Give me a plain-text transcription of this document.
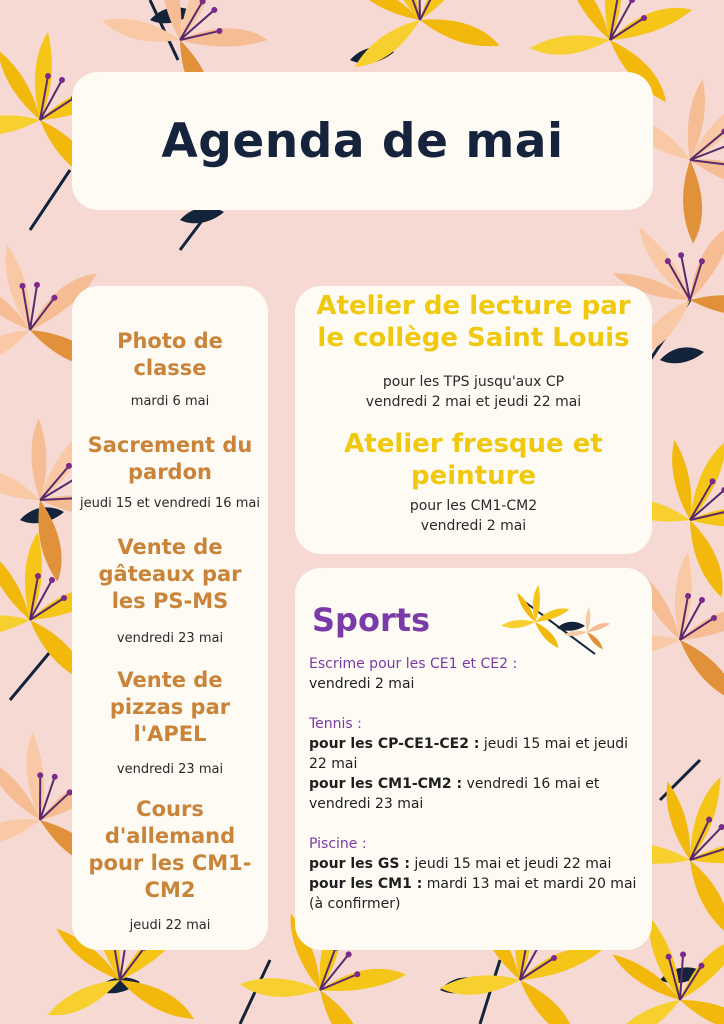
Agenda de mai

Photo de classe

mardi 6 mai

Sacrement du pardon

jeudi 15 et vendredi 16 mai

Vente de gâteaux par les PS-MS

vendredi 23 mai

Vente de pizzas par l'APEL

vendredi 23 mai

Cours d'allemand pour les CM1-CM2

jeudi 22 mai

Atelier de lecture par le collège Saint Louis

pour les TPS jusqu'aux CP

vendredi 2 mai et jeudi 22 mai

Atelier fresque et peinture

pour les CM1-CM2

vendredi 2 mai

Sports

Escrime pour les CE1 et CE2 :

vendredi 2 mai

Tennis :

pour les CP-CE1-CE2 : jeudi 15 mai et jeudi 22 mai

pour les CM1-CM2 : vendredi 16 mai et vendredi 23 mai

Piscine :

pour les GS : jeudi 15 mai et jeudi 22 mai

pour les CM1 : mardi 13 mai et mardi 20 mai (à confirmer)
